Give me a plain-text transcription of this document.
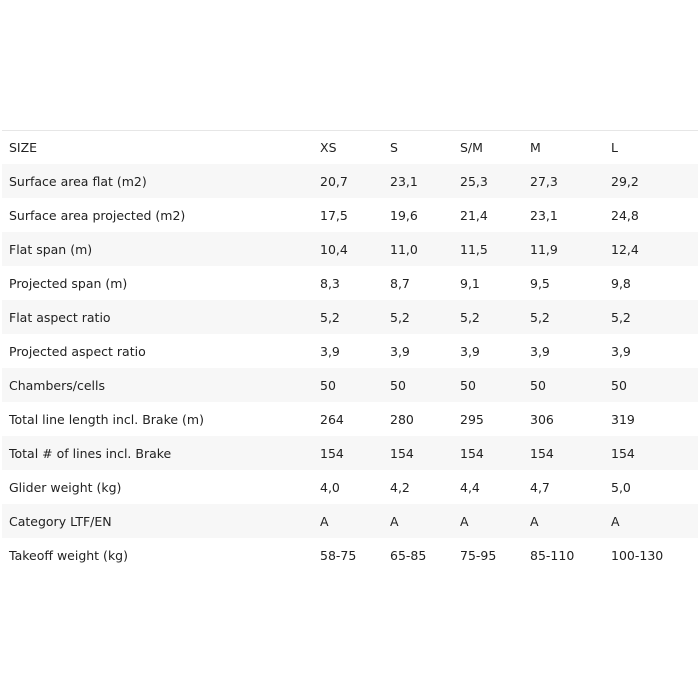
SIZE	XS	S	S/M	M	L
Surface area flat (m2)	20,7	23,1	25,3	27,3	29,2
Surface area projected (m2)	17,5	19,6	21,4	23,1	24,8
Flat span (m)	10,4	11,0	11,5	11,9	12,4
Projected span (m)	8,3	8,7	9,1	9,5	9,8
Flat aspect ratio	5,2	5,2	5,2	5,2	5,2
Projected aspect ratio	3,9	3,9	3,9	3,9	3,9
Chambers/cells	50	50	50	50	50
Total line length incl. Brake (m)	264	280	295	306	319
Total # of lines incl. Brake	154	154	154	154	154
Glider weight (kg)	4,0	4,2	4,4	4,7	5,0
Category LTF/EN	A	A	A	A	A
Takeoff weight (kg)	58-75	65-85	75-95	85-110	100-130
